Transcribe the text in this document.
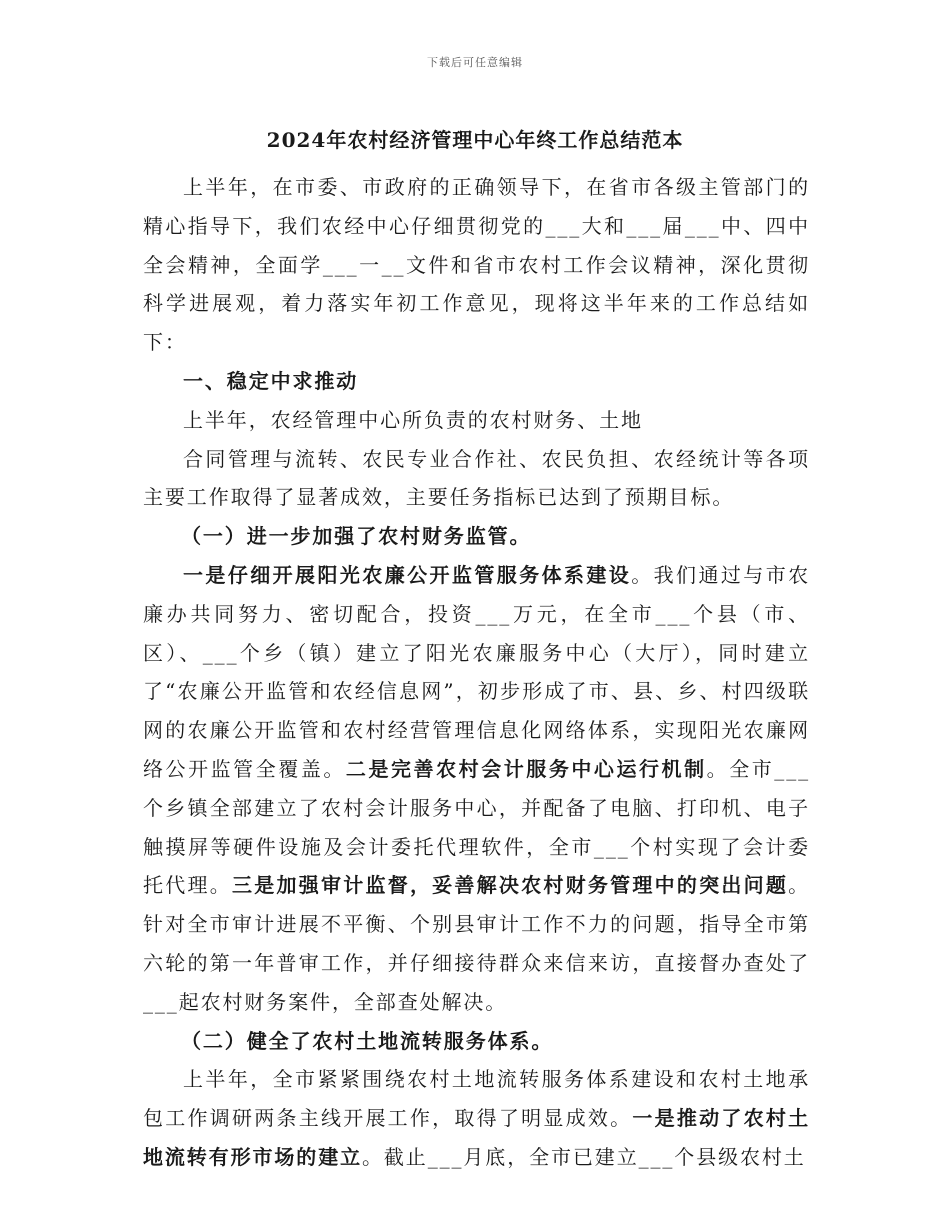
下载后可任意编辑
2024年农村经济管理中心年终工作总结范本

上半年，在市委、市政府的正确领导下，在省市各级主管部门的精心指导下，我们农经中心仔细贯彻党的___大和___届___中、四中全会精神，全面学___一__文件和省市农村工作会议精神，深化贯彻科学进展观，着力落实年初工作意见，现将这半年来的工作总结如下：

一、稳定中求推动

上半年，农经管理中心所负责的农村财务、土地

合同管理与流转、农民专业合作社、农民负担、农经统计等各项主要工作取得了显著成效，主要任务指标已达到了预期目标。

（一）进一步加强了农村财务监管。

一是仔细开展阳光农廉公开监管服务体系建设。我们通过与市农廉办共同努力、密切配合，投资___万元，在全市___个县（市、区）、___个乡（镇）建立了阳光农廉服务中心（大厅），同时建立了“农廉公开监管和农经信息网”，初步形成了市、县、乡、村四级联网的农廉公开监管和农村经营管理信息化网络体系，实现阳光农廉网络公开监管全覆盖。二是完善农村会计服务中心运行机制。全市___个乡镇全部建立了农村会计服务中心，并配备了电脑、打印机、电子触摸屏等硬件设施及会计委托代理软件，全市___个村实现了会计委托代理。三是加强审计监督，妥善解决农村财务管理中的突出问题。针对全市审计进展不平衡、个别县审计工作不力的问题，指导全市第六轮的第一年普审工作，并仔细接待群众来信来访，直接督办查处了___起农村财务案件，全部查处解决。

（二）健全了农村土地流转服务体系。

上半年，全市紧紧围绕农村土地流转服务体系建设和农村土地承包工作调研两条主线开展工作，取得了明显成效。一是推动了农村土地流转有形市场的建立。截止___月底，全市已建立___个县级农村土
